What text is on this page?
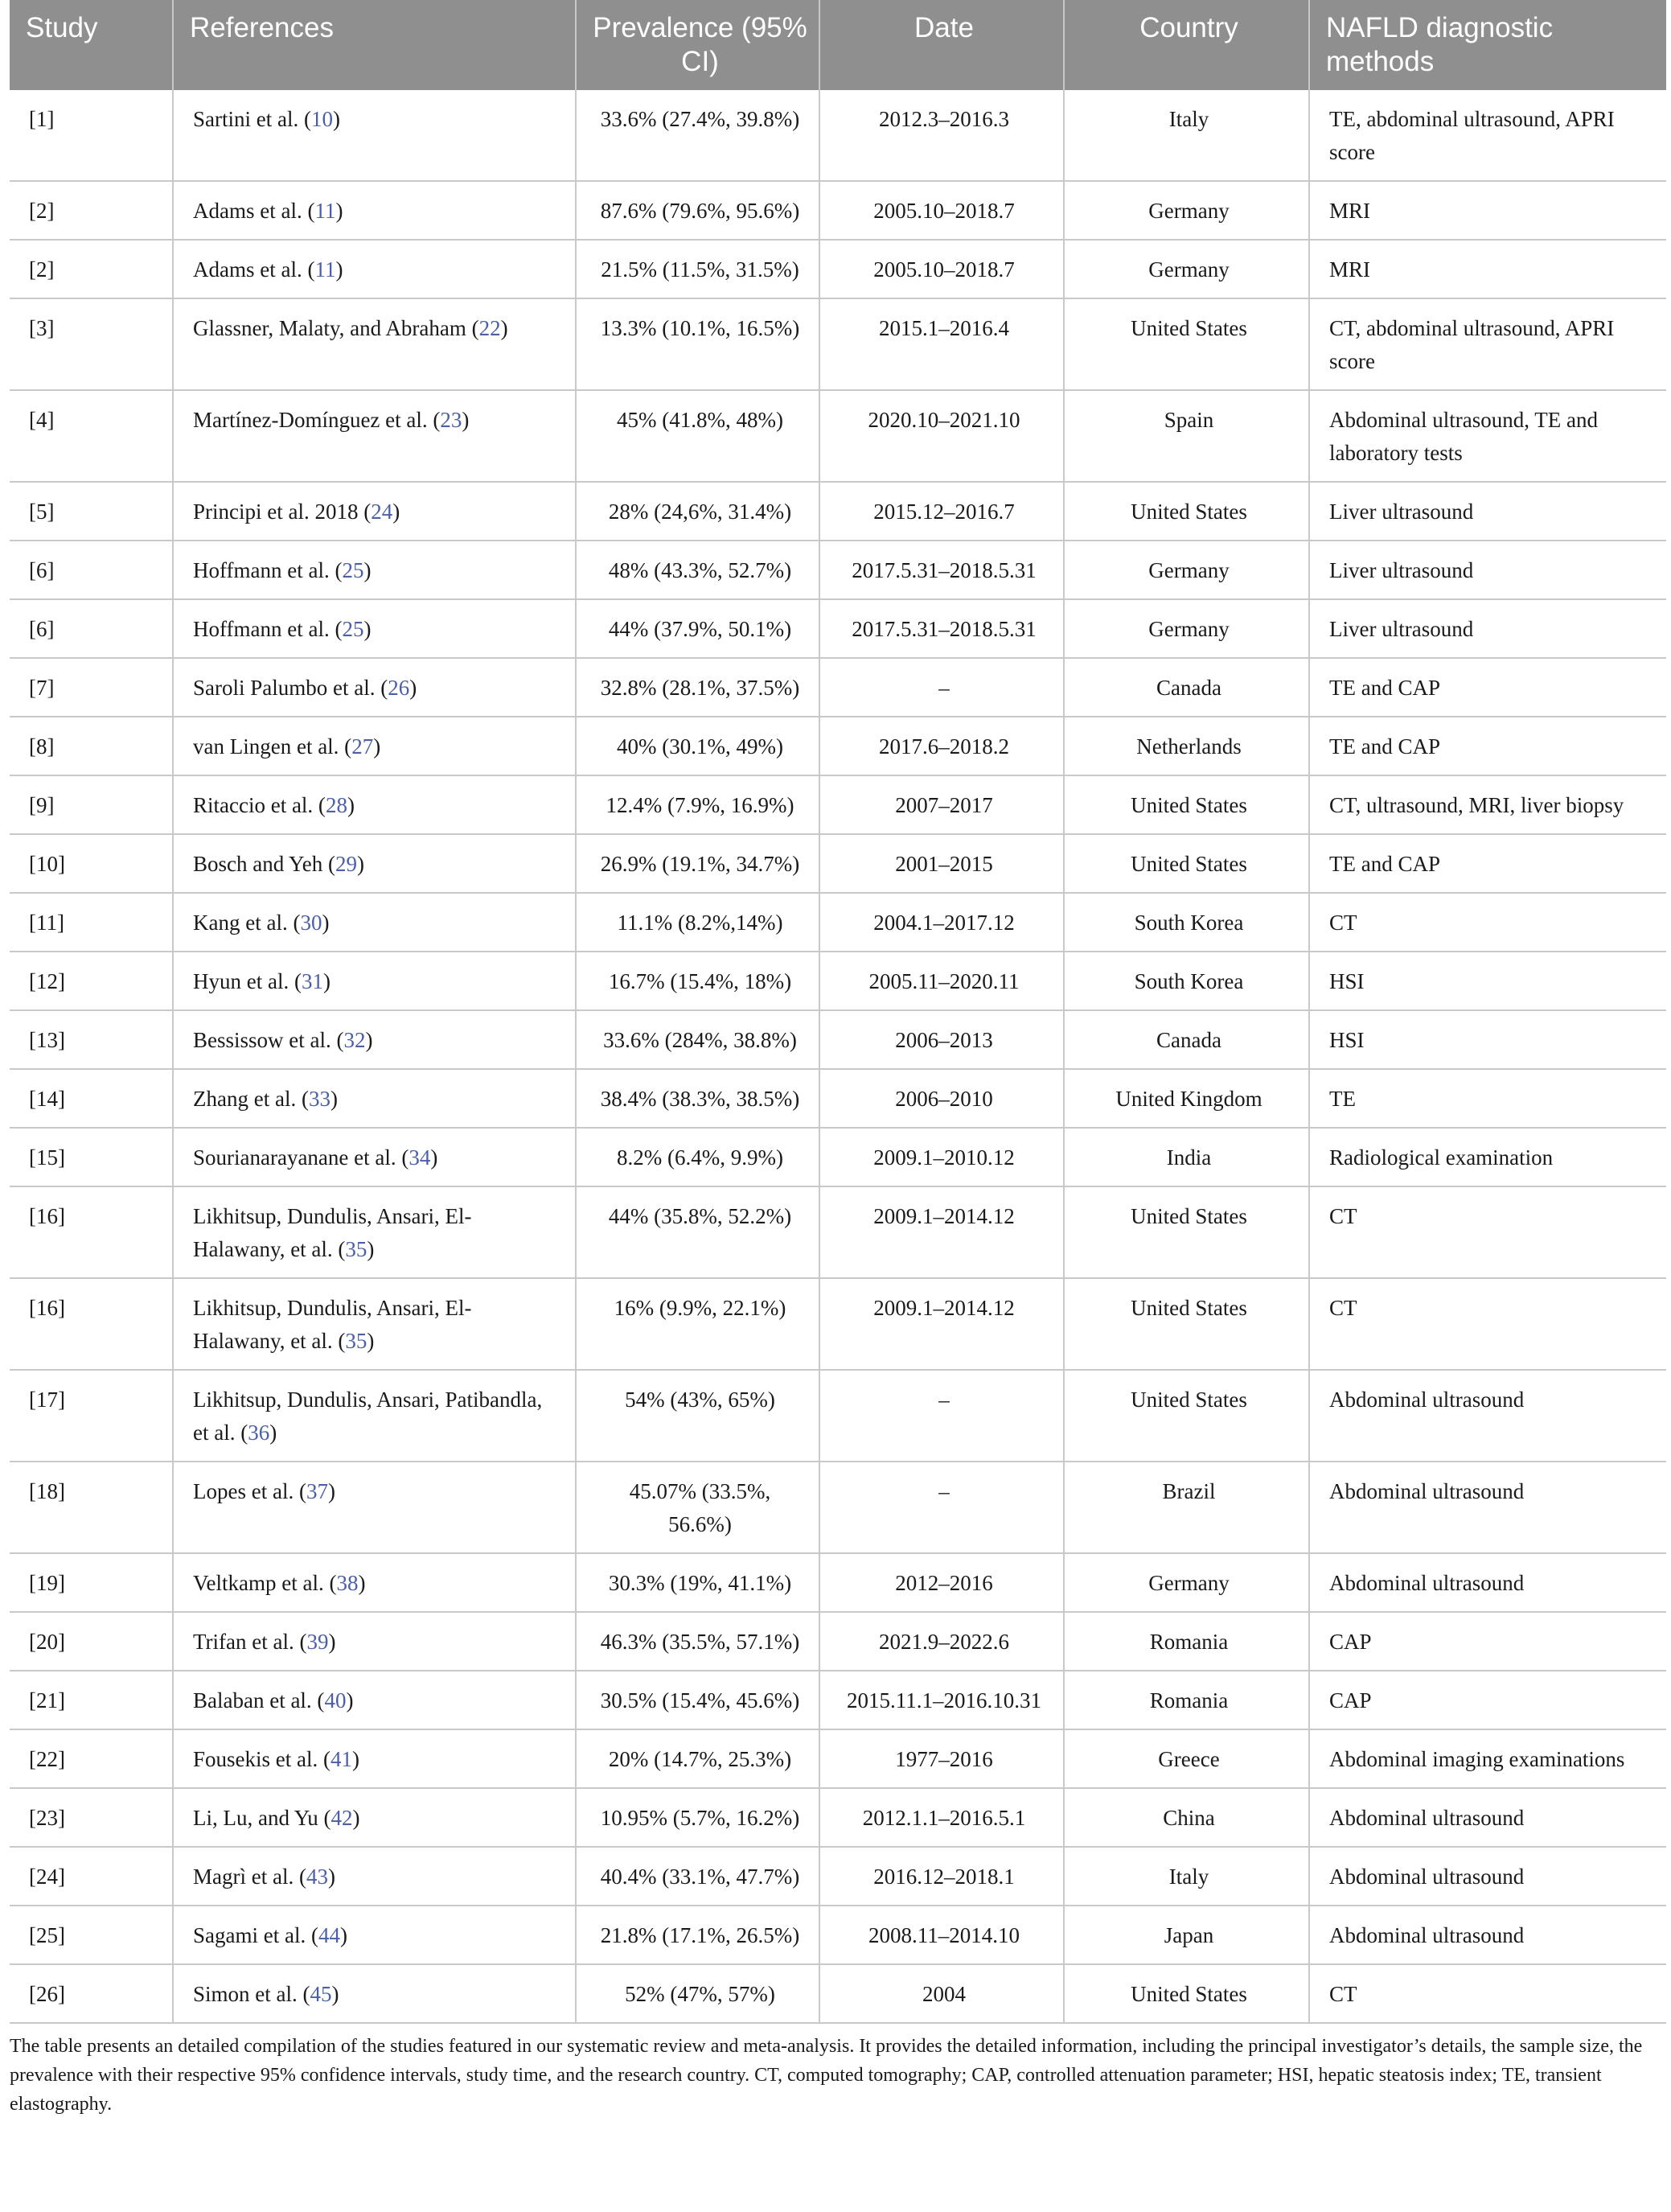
Study	References	Prevalence (95% CI)	Date	Country	NAFLD diagnostic methods
[1]	Sartini et al. (10)	33.6% (27.4%, 39.8%)	2012.3–2016.3	Italy	TE, abdominal ultrasound, APRI score
[2]	Adams et al. (11)	87.6% (79.6%, 95.6%)	2005.10–2018.7	Germany	MRI
[2]	Adams et al. (11)	21.5% (11.5%, 31.5%)	2005.10–2018.7	Germany	MRI
[3]	Glassner, Malaty, and Abraham (22)	13.3% (10.1%, 16.5%)	2015.1–2016.4	United States	CT, abdominal ultrasound, APRI score
[4]	Martínez-Domínguez et al. (23)	45% (41.8%, 48%)	2020.10–2021.10	Spain	Abdominal ultrasound, TE and laboratory tests
[5]	Principi et al. 2018 (24)	28% (24,6%, 31.4%)	2015.12–2016.7	United States	Liver ultrasound
[6]	Hoffmann et al. (25)	48% (43.3%, 52.7%)	2017.5.31–2018.5.31	Germany	Liver ultrasound
[6]	Hoffmann et al. (25)	44% (37.9%, 50.1%)	2017.5.31–2018.5.31	Germany	Liver ultrasound
[7]	Saroli Palumbo et al. (26)	32.8% (28.1%, 37.5%)	–	Canada	TE and CAP
[8]	van Lingen et al. (27)	40% (30.1%, 49%)	2017.6–2018.2	Netherlands	TE and CAP
[9]	Ritaccio et al. (28)	12.4% (7.9%, 16.9%)	2007–2017	United States	CT, ultrasound, MRI, liver biopsy
[10]	Bosch and Yeh (29)	26.9% (19.1%, 34.7%)	2001–2015	United States	TE and CAP
[11]	Kang et al. (30)	11.1% (8.2%,14%)	2004.1–2017.12	South Korea	CT
[12]	Hyun et al. (31)	16.7% (15.4%, 18%)	2005.11–2020.11	South Korea	HSI
[13]	Bessissow et al. (32)	33.6% (284%, 38.8%)	2006–2013	Canada	HSI
[14]	Zhang et al. (33)	38.4% (38.3%, 38.5%)	2006–2010	United Kingdom	TE
[15]	Sourianarayanane et al. (34)	8.2% (6.4%, 9.9%)	2009.1–2010.12	India	Radiological examination
[16]	Likhitsup, Dundulis, Ansari, El-Halawany, et al. (35)	44% (35.8%, 52.2%)	2009.1–2014.12	United States	CT
[16]	Likhitsup, Dundulis, Ansari, El-Halawany, et al. (35)	16% (9.9%, 22.1%)	2009.1–2014.12	United States	CT
[17]	Likhitsup, Dundulis, Ansari, Patibandla, et al. (36)	54% (43%, 65%)	–	United States	Abdominal ultrasound
[18]	Lopes et al. (37)	45.07% (33.5%, 56.6%)	–	Brazil	Abdominal ultrasound
[19]	Veltkamp et al. (38)	30.3% (19%, 41.1%)	2012–2016	Germany	Abdominal ultrasound
[20]	Trifan et al. (39)	46.3% (35.5%, 57.1%)	2021.9–2022.6	Romania	CAP
[21]	Balaban et al. (40)	30.5% (15.4%, 45.6%)	2015.11.1–2016.10.31	Romania	CAP
[22]	Fousekis et al. (41)	20% (14.7%, 25.3%)	1977–2016	Greece	Abdominal imaging examinations
[23]	Li, Lu, and Yu (42)	10.95% (5.7%, 16.2%)	2012.1.1–2016.5.1	China	Abdominal ultrasound
[24]	Magrì et al. (43)	40.4% (33.1%, 47.7%)	2016.12–2018.1	Italy	Abdominal ultrasound
[25]	Sagami et al. (44)	21.8% (17.1%, 26.5%)	2008.11–2014.10	Japan	Abdominal ultrasound
[26]	Simon et al. (45)	52% (47%, 57%)	2004	United States	CT

The table presents an detailed compilation of the studies featured in our systematic review and meta-analysis. It provides the detailed information, including the principal investigator’s details, the sample size, the prevalence with their respective 95% confidence intervals, study time, and the research country. CT, computed tomography; CAP, controlled attenuation parameter; HSI, hepatic steatosis index; TE, transient elastography.
